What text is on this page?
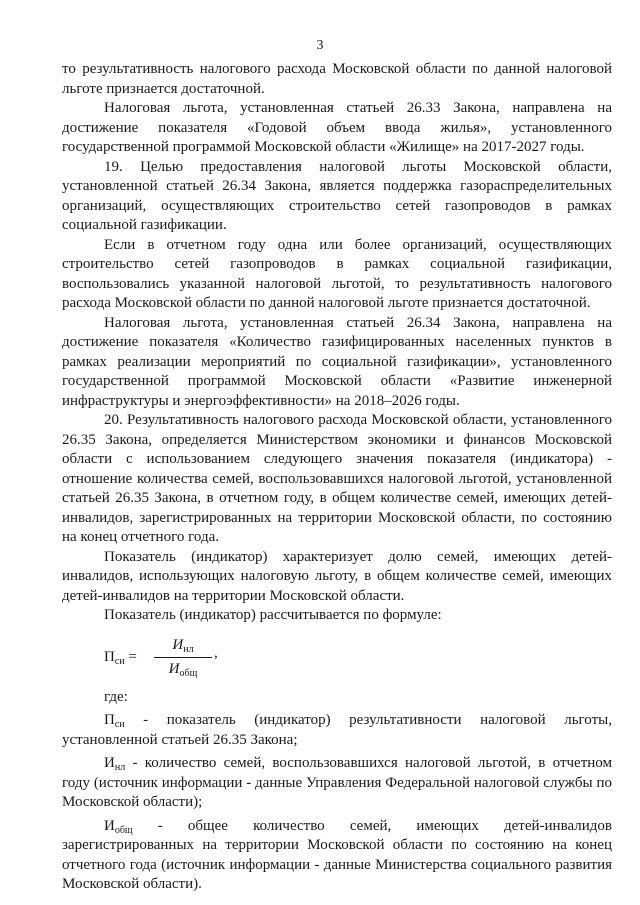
3

то результативность налогового расхода Московской области по данной налоговой льготе признается достаточной.

Налоговая льгота, установленная статьей 26.33 Закона, направлена на достижение показателя «Годовой объем ввода жилья», установленного государственной программой Московской области «Жилище» на 2017-2027 годы.

19. Целью предоставления налоговой льготы Московской области, установленной статьей 26.34 Закона, является поддержка газораспределительных организаций, осуществляющих строительство сетей газопроводов в рамках социальной газификации.

Если в отчетном году одна или более организаций, осуществляющих строительство сетей газопроводов в рамках социальной газификации, воспользовались указанной налоговой льготой, то результативность налогового расхода Московской области по данной налоговой льготе признается достаточной.

Налоговая льгота, установленная статьей 26.34 Закона, направлена на достижение показателя «Количество газифицированных населенных пунктов в рамках реализации мероприятий по социальной газификации», установленного государственной программой Московской области «Развитие инженерной инфраструктуры и энергоэффективности» на 2018–2026 годы.

20. Результативность налогового расхода Московской области, установленного 26.35 Закона, определяется Министерством экономики и финансов Московской области с использованием следующего значения показателя (индикатора) - отношение количества семей, воспользовавшихся налоговой льготой, установленной статьей 26.35 Закона, в отчетном году, в общем количестве семей, имеющих детей-инвалидов, зарегистрированных на территории Московской области, по состоянию на конец отчетного года.

Показатель (индикатор) характеризует долю семей, имеющих детей-инвалидов, использующих налоговую льготу, в общем количестве семей, имеющих детей-инвалидов на территории Московской области.

Показатель (индикатор) рассчитывается по формуле:

$П_{си}$ =
$И_{нл}$
$И_{общ}$
,

где:

$П_{си}$ - показатель (индикатор) результативности налоговой льготы, установленной статьей 26.35 Закона;

$И_{нл}$ - количество семей, воспользовавшихся налоговой льготой, в отчетном году (источник информации - данные Управления Федеральной налоговой службы по Московской области);

$И_{общ}$ - общее количество семей, имеющих детей-инвалидов зарегистрированных на территории Московской области по состоянию на конец отчетного года (источник информации - данные Министерства социального развития Московской области).
